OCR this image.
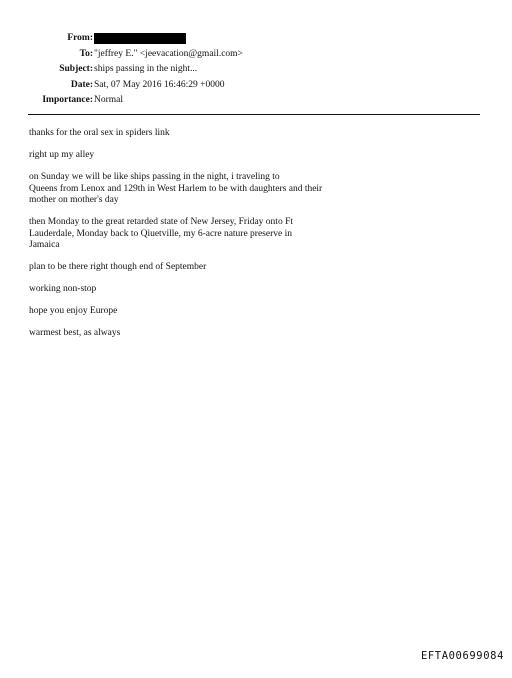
From:
To: "jeffrey E." <jeevacation@gmail.com>
Subject: ships passing in the night...
Date: Sat, 07 May 2016 16:46:29 +0000
Importance: Normal

thanks for the oral sex in spiders link

right up my alley

on Sunday we will be like ships passing in the night, i traveling to
Queens from Lenox and 129th in West Harlem to be with daughters and their
mother on mother's day

then Monday to the great retarded state of New Jersey, Friday onto Ft
Lauderdale, Monday back to Qiuetville, my 6-acre nature preserve in
Jamaica

plan to be there right though end of September

working non-stop

hope you enjoy Europe

warmest best, as always

EFTA00699084
